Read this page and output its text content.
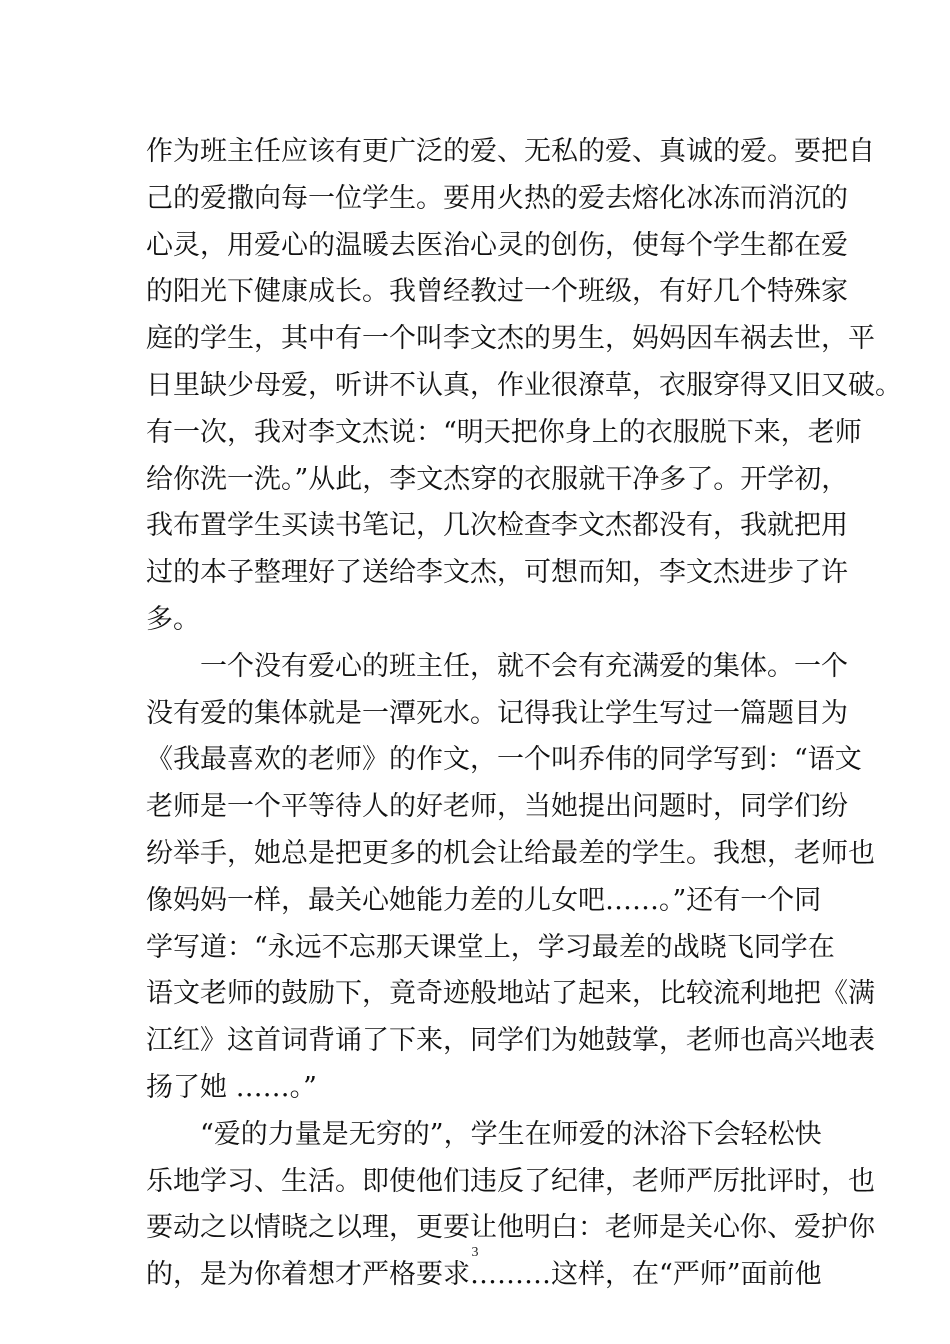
作为班主任应该有更广泛的爱、无私的爱、真诚的爱。要把自
己的爱撒向每一位学生。要用火热的爱去熔化冰冻而消沉的
心灵，用爱心的温暖去医治心灵的创伤，使每个学生都在爱
的阳光下健康成长。我曾经教过一个班级，有好几个特殊家
庭的学生，其中有一个叫李文杰的男生，妈妈因车祸去世，平
日里缺少母爱，听讲不认真，作业很潦草，衣服穿得又旧又破。
有一次，我对李文杰说：“明天把你身上的衣服脱下来，老师
给你洗一洗。”从此，李文杰穿的衣服就干净多了。开学初，
我布置学生买读书笔记，几次检查李文杰都没有，我就把用
过的本子整理好了送给李文杰，可想而知，李文杰进步了许
多。
一个没有爱心的班主任，就不会有充满爱的集体。一个
没有爱的集体就是一潭死水。记得我让学生写过一篇题目为
《我最喜欢的老师》的作文，一个叫乔伟的同学写到：“语文
老师是一个平等待人的好老师，当她提出问题时，同学们纷
纷举手，她总是把更多的机会让给最差的学生。我想，老师也
像妈妈一样，最关心她能力差的儿女吧……。”还有一个同
学写道：“永远不忘那天课堂上，学习最差的战晓飞同学在
语文老师的鼓励下，竟奇迹般地站了起来，比较流利地把《满
江红》这首词背诵了下来，同学们为她鼓掌，老师也高兴地表
扬了她 ……。”
“爱的力量是无穷的”，学生在师爱的沐浴下会轻松快
乐地学习、生活。即使他们违反了纪律，老师严厉批评时，也
要动之以情晓之以理，更要让他明白：老师是关心你、爱护你
的，是为你着想才严格要求………这样，在“严师”面前他
3
